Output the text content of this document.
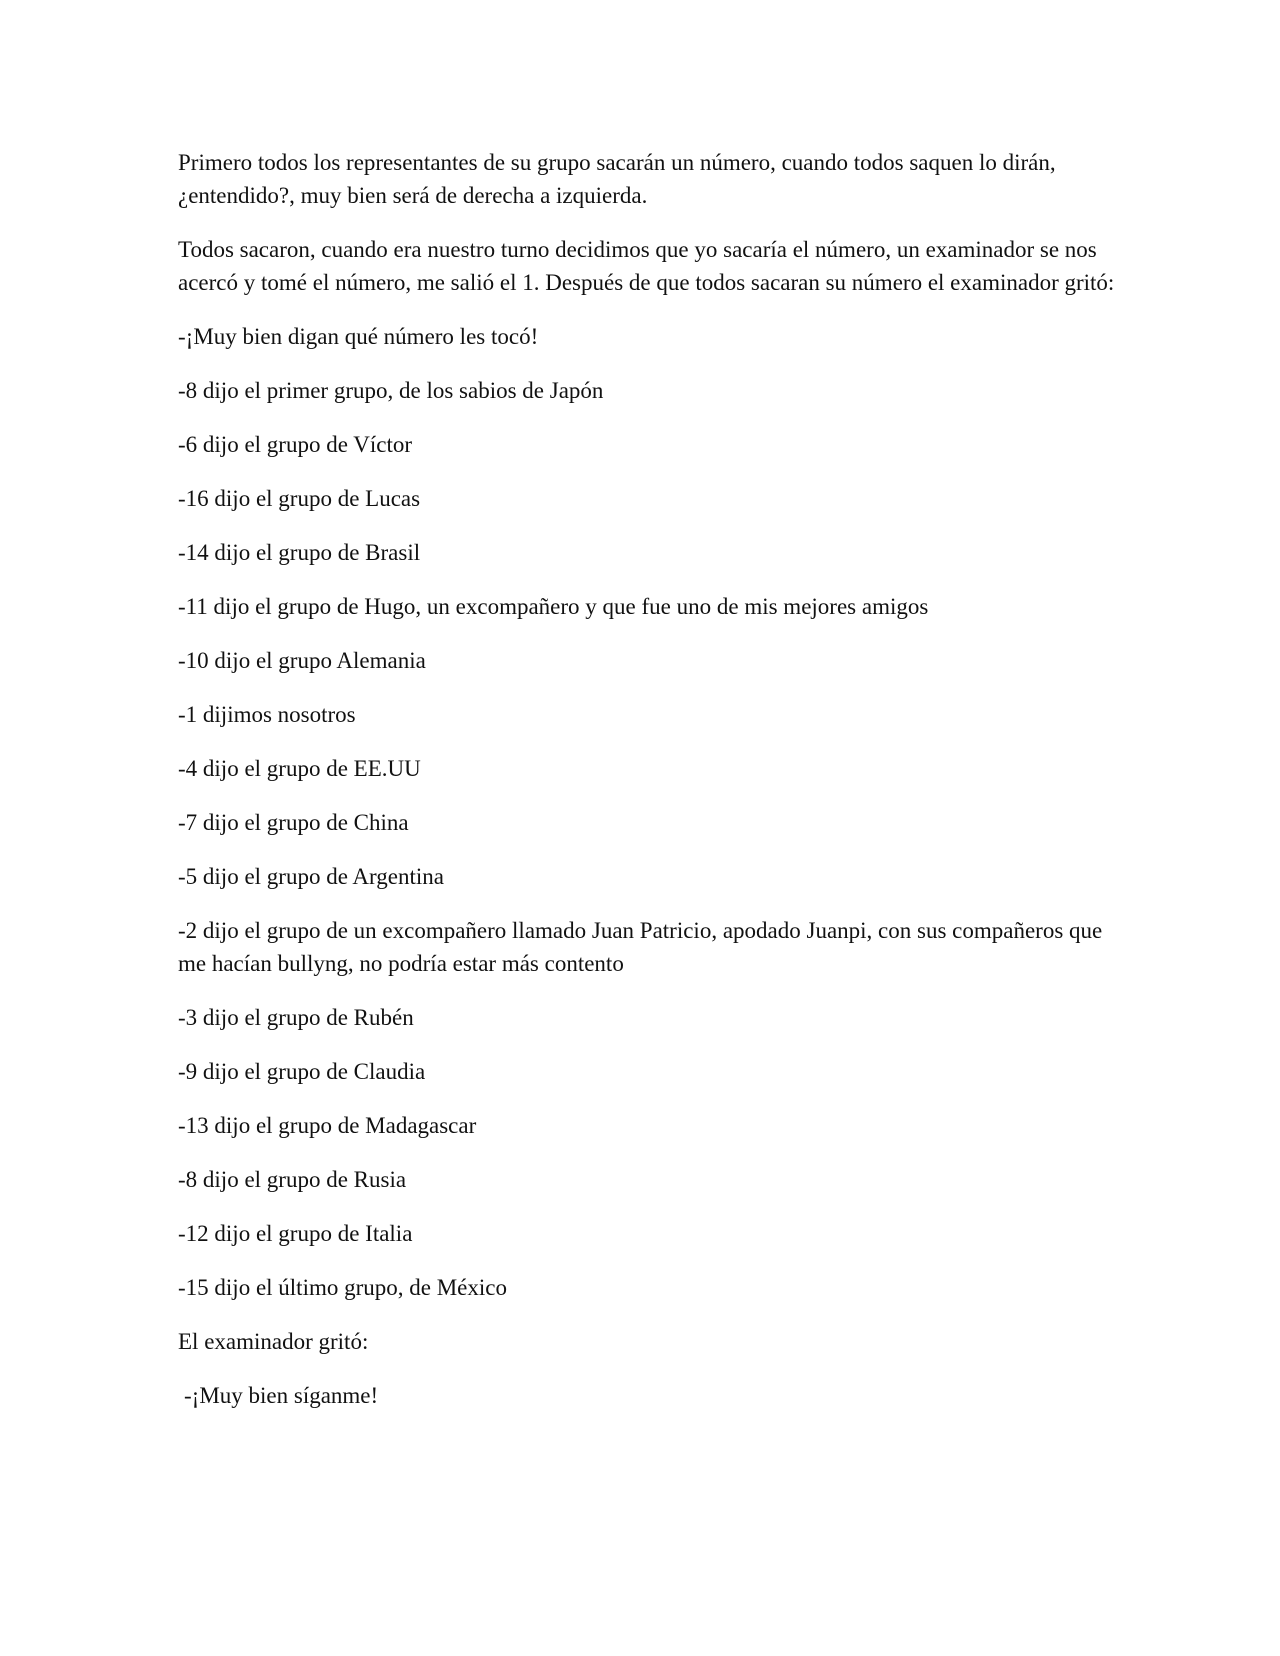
Primero todos los representantes de su grupo sacarán un número, cuando todos saquen lo dirán, ¿entendido?, muy bien será de derecha a izquierda.

Todos sacaron, cuando era nuestro turno decidimos que yo sacaría el número, un examinador se nos acercó y tomé el número, me salió el 1. Después de que todos sacaran su número el examinador gritó:

-¡Muy bien digan qué número les tocó!

-8 dijo el primer grupo, de los sabios de Japón

-6 dijo el grupo de Víctor

-16 dijo el grupo de Lucas

-14 dijo el grupo de Brasil

-11 dijo el grupo de Hugo, un excompañero y que fue uno de mis mejores amigos

-10 dijo el grupo Alemania

-1 dijimos nosotros

-4 dijo el grupo de EE.UU

-7 dijo el grupo de China

-5 dijo el grupo de Argentina

-2 dijo el grupo de un excompañero llamado Juan Patricio, apodado Juanpi, con sus compañeros que me hacían bullyng, no podría estar más contento

-3 dijo el grupo de Rubén

-9 dijo el grupo de Claudia

-13 dijo el grupo de Madagascar

-8 dijo el grupo de Rusia

-12 dijo el grupo de Italia

-15 dijo el último grupo, de México

El examinador gritó:

-¡Muy bien síganme!
